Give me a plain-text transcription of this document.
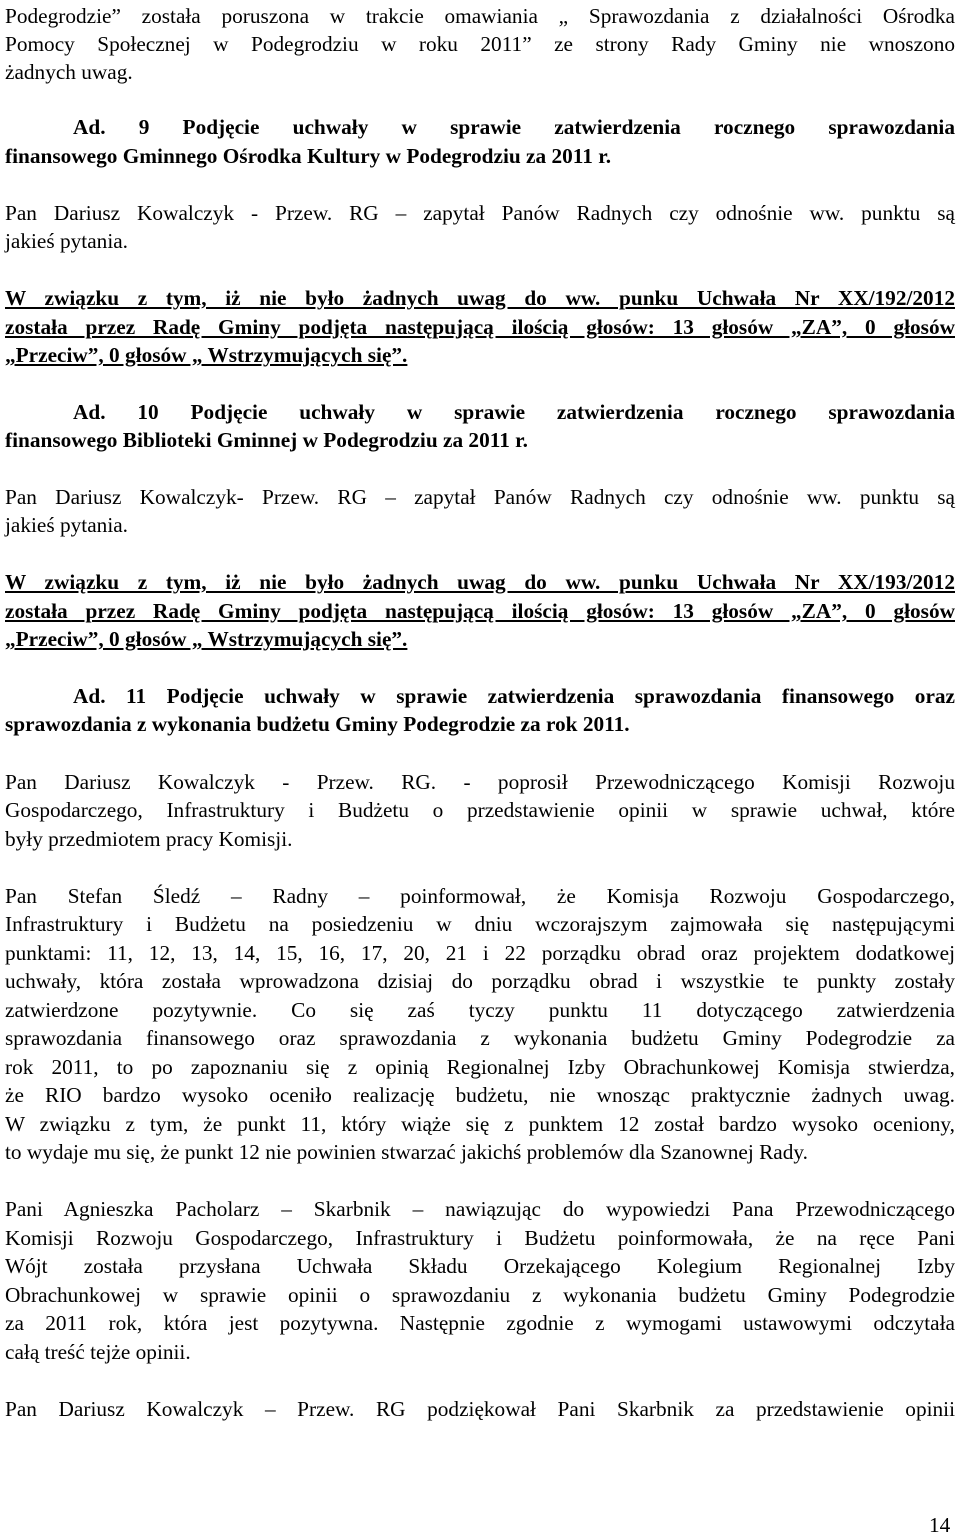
Podegrodzie” została poruszona w trakcie omawiania „ Sprawozdania z działalności Ośrodka
Pomocy Społecznej w Podegrodziu w roku 2011” ze strony Rady Gminy nie wnoszono
żadnych uwag.
Ad. 9 Podjęcie uchwały w sprawie zatwierdzenia rocznego sprawozdania
finansowego Gminnego Ośrodka Kultury w Podegrodziu za 2011 r.
Pan Dariusz Kowalczyk - Przew. RG – zapytał Panów Radnych czy odnośnie ww. punktu są
jakieś pytania.
W związku z tym, iż nie było żadnych uwag do ww. punku Uchwała Nr XX/192/2012
została przez Radę Gminy podjęta następującą ilością głosów: 13 głosów „ZA”, 0 głosów
„Przeciw”, 0 głosów „ Wstrzymujących się”.
Ad. 10 Podjęcie uchwały w sprawie zatwierdzenia rocznego sprawozdania
finansowego Biblioteki Gminnej w Podegrodziu za 2011 r.
Pan Dariusz Kowalczyk- Przew. RG – zapytał Panów Radnych czy odnośnie ww. punktu są
jakieś pytania.
W związku z tym, iż nie było żadnych uwag do ww. punku Uchwała Nr XX/193/2012
została przez Radę Gminy podjęta następującą ilością głosów: 13 głosów „ZA”, 0 głosów
„Przeciw”, 0 głosów „ Wstrzymujących się”.
Ad. 11 Podjęcie uchwały w sprawie zatwierdzenia sprawozdania finansowego oraz
sprawozdania z wykonania budżetu Gminy Podegrodzie za rok 2011.
Pan Dariusz Kowalczyk - Przew. RG. - poprosił Przewodniczącego Komisji Rozwoju
Gospodarczego, Infrastruktury i Budżetu o przedstawienie opinii w sprawie uchwał, które
były przedmiotem pracy Komisji.
Pan Stefan Śledź – Radny – poinformował, że Komisja Rozwoju Gospodarczego,
Infrastruktury i Budżetu na posiedzeniu w dniu wczorajszym zajmowała się następującymi
punktami: 11, 12, 13, 14, 15, 16, 17, 20, 21 i 22 porządku obrad oraz projektem dodatkowej
uchwały, która została wprowadzona dzisiaj do porządku obrad i wszystkie te punkty zostały
zatwierdzone pozytywnie. Co się zaś tyczy punktu 11 dotyczącego zatwierdzenia
sprawozdania finansowego oraz sprawozdania z wykonania budżetu Gminy Podegrodzie za
rok 2011, to po zapoznaniu się z opinią Regionalnej Izby Obrachunkowej Komisja stwierdza,
że RIO bardzo wysoko oceniło realizację budżetu, nie wnosząc praktycznie żadnych uwag.
W związku z tym, że punkt 11, który wiąże się z punktem 12 został bardzo wysoko oceniony,
to wydaje mu się, że punkt 12 nie powinien stwarzać jakichś problemów dla Szanownej Rady.
Pani Agnieszka Pacholarz – Skarbnik – nawiązując do wypowiedzi Pana Przewodniczącego
Komisji Rozwoju Gospodarczego, Infrastruktury i Budżetu poinformowała, że na ręce Pani
Wójt została przysłana Uchwała Składu Orzekającego Kolegium Regionalnej Izby
Obrachunkowej w sprawie opinii o sprawozdaniu z wykonania budżetu Gminy Podegrodzie
za 2011 rok, która jest pozytywna. Następnie zgodnie z wymogami ustawowymi odczytała
całą treść tejże opinii.
Pan Dariusz Kowalczyk – Przew. RG podziękował Pani Skarbnik za przedstawienie opinii
14
